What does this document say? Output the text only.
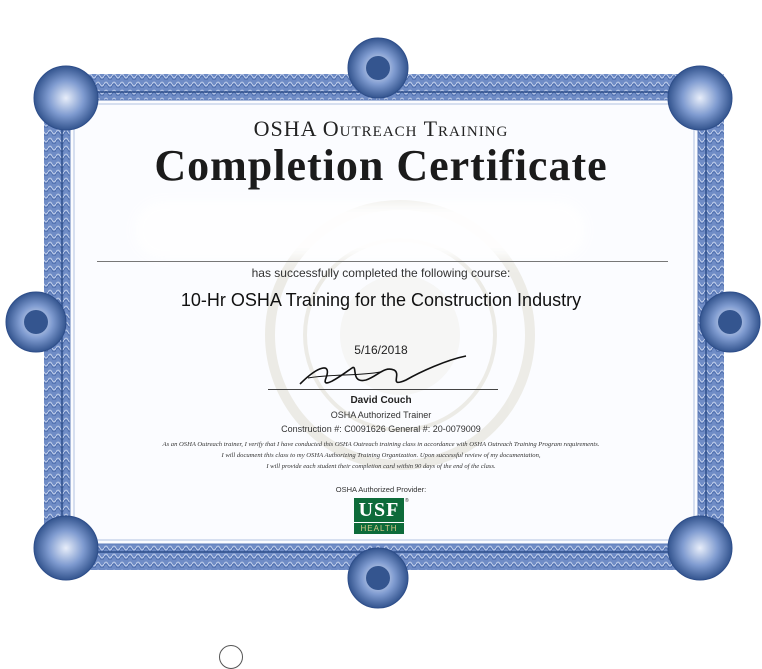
OSHA Outreach Training
Completion Certificate
has successfully completed the following course:
10-Hr OSHA Training for the Construction Industry
5/16/2018
David Couch
OSHA Authorized Trainer
Construction #: C0091626 General #: 20-0079009
As an OSHA Outreach trainer, I verify that I have conducted this OSHA Outreach training class in accordance with OSHA Outreach Training Program requirements.
I will document this class to my OSHA Authorizing Training Organization. Upon successful review of my documentation,
I will provide each student their completion card within 90 days of the end of the class.
OSHA Authorized Provider:
USF
HEALTH
®
